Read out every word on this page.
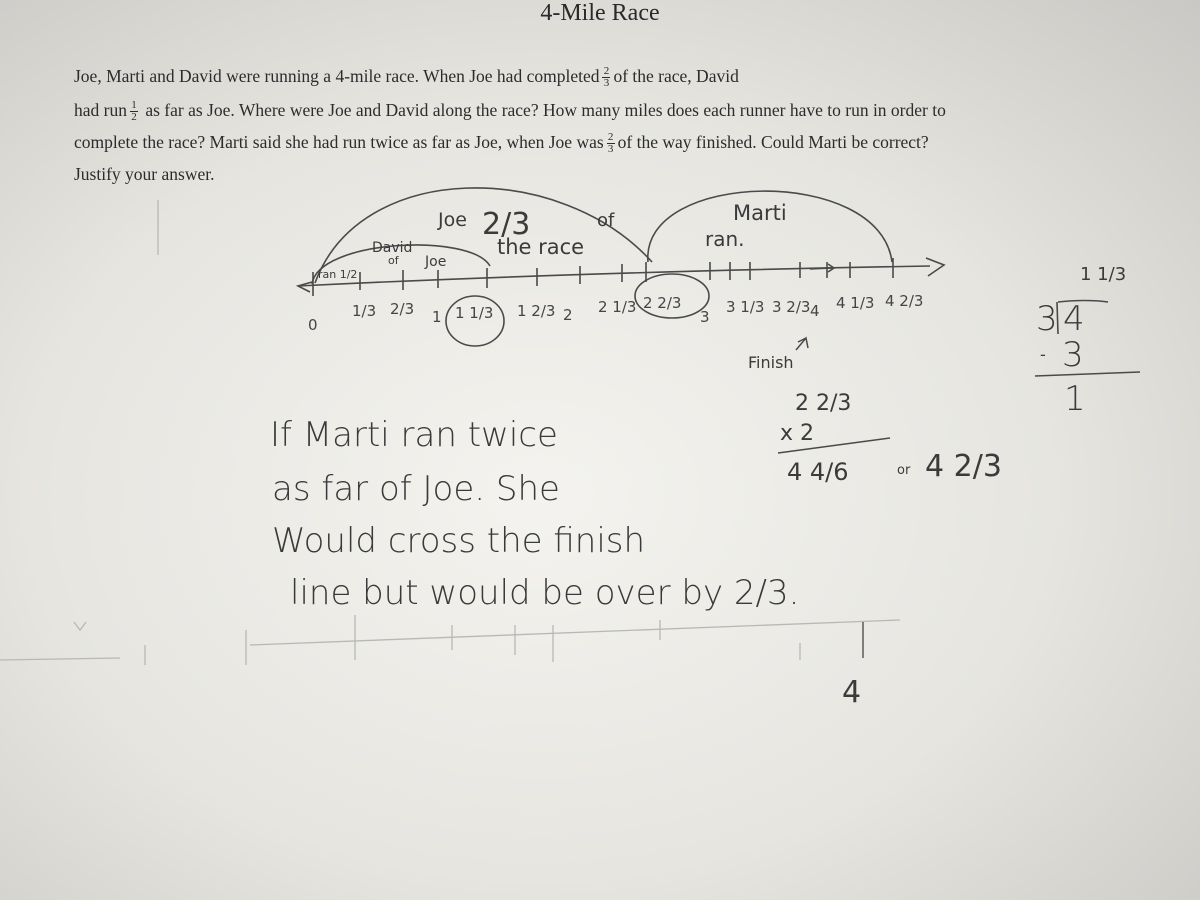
4-Mile Race
Joe, Marti and David were running a 4-mile race. When Joe had completed $\frac{2}{3}$ of the race, David
had run $\frac{1}{2}$ as far as Joe. Where were Joe and David along the race? How many miles does each runner have to run in order to
complete the race? Marti said she had run twice as far as Joe, when Joe was $\frac{2}{3}$ of the way finished. Could Marti be correct?
Justify your answer.
Joe 2/3	of
the race
Marti
ran.
ran 1/2
David
of Joe
0
1/3 2/3 1 1 1/3 1 2/3 2 2 1/3 2 2/3
3
3 1/3 3 2/3 4 4 1/3 4 2/3
Finish
1 1/3
3 4
- 3
1
2 2/3
x 2
4 4/6	or 4 2/3
If Marti ran twice
as far of Joe. She
Would cross the finish
line but would be over by 2/3.
4
